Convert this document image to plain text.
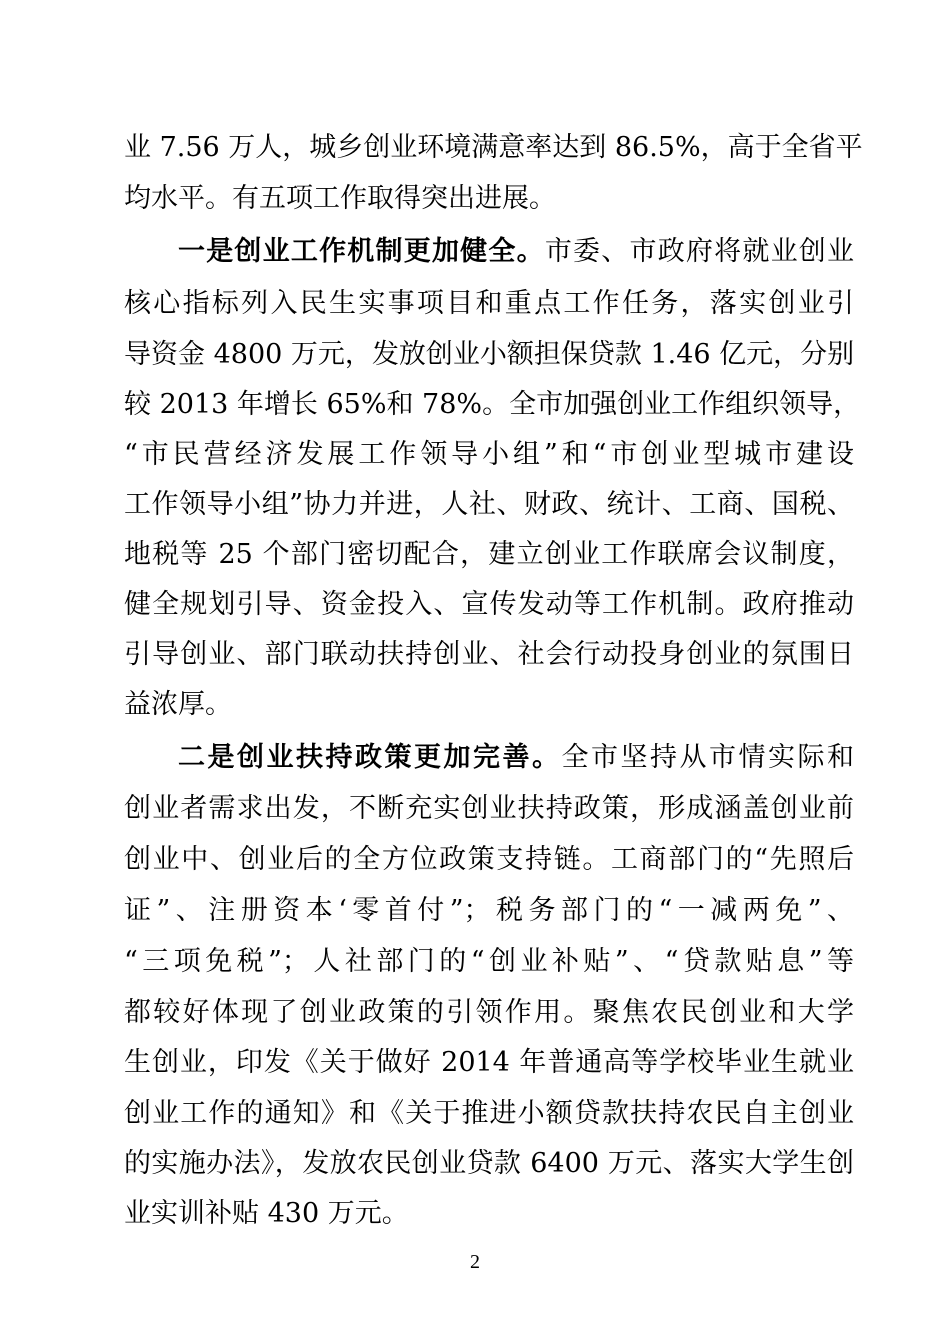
业 7.56 万人，城乡创业环境满意率达到 86.5%，高于全省平
均水平。有五项工作取得突出进展。
一是创业工作机制更加健全。市委、市政府将就业创业
核心指标列入民生实事项目和重点工作任务，落实创业引
导资金 4800 万元，发放创业小额担保贷款 1.46 亿元，分别
较 2013 年增长 65%和 78%。全市加强创业工作组织领导，
“市民营经济发展工作领导小组”和“市创业型城市建设
工作领导小组”协力并进，人社、财政、统计、工商、国税、
地税等 25 个部门密切配合，建立创业工作联席会议制度，
健全规划引导、资金投入、宣传发动等工作机制。政府推动
引导创业、部门联动扶持创业、社会行动投身创业的氛围日
益浓厚。
二是创业扶持政策更加完善。全市坚持从市情实际和
创业者需求出发，不断充实创业扶持政策，形成涵盖创业前
创业中、创业后的全方位政策支持链。工商部门的“先照后
证”、注册资本‘零首付”；税务部门的“一减两免”、
“三项免税”；人社部门的“创业补贴”、“贷款贴息”等
都较好体现了创业政策的引领作用。聚焦农民创业和大学
生创业，印发《关于做好 2014 年普通高等学校毕业生就业
创业工作的通知》和《关于推进小额贷款扶持农民自主创业
的实施办法》，发放农民创业贷款 6400 万元、落实大学生创
业实训补贴 430 万元。
2
